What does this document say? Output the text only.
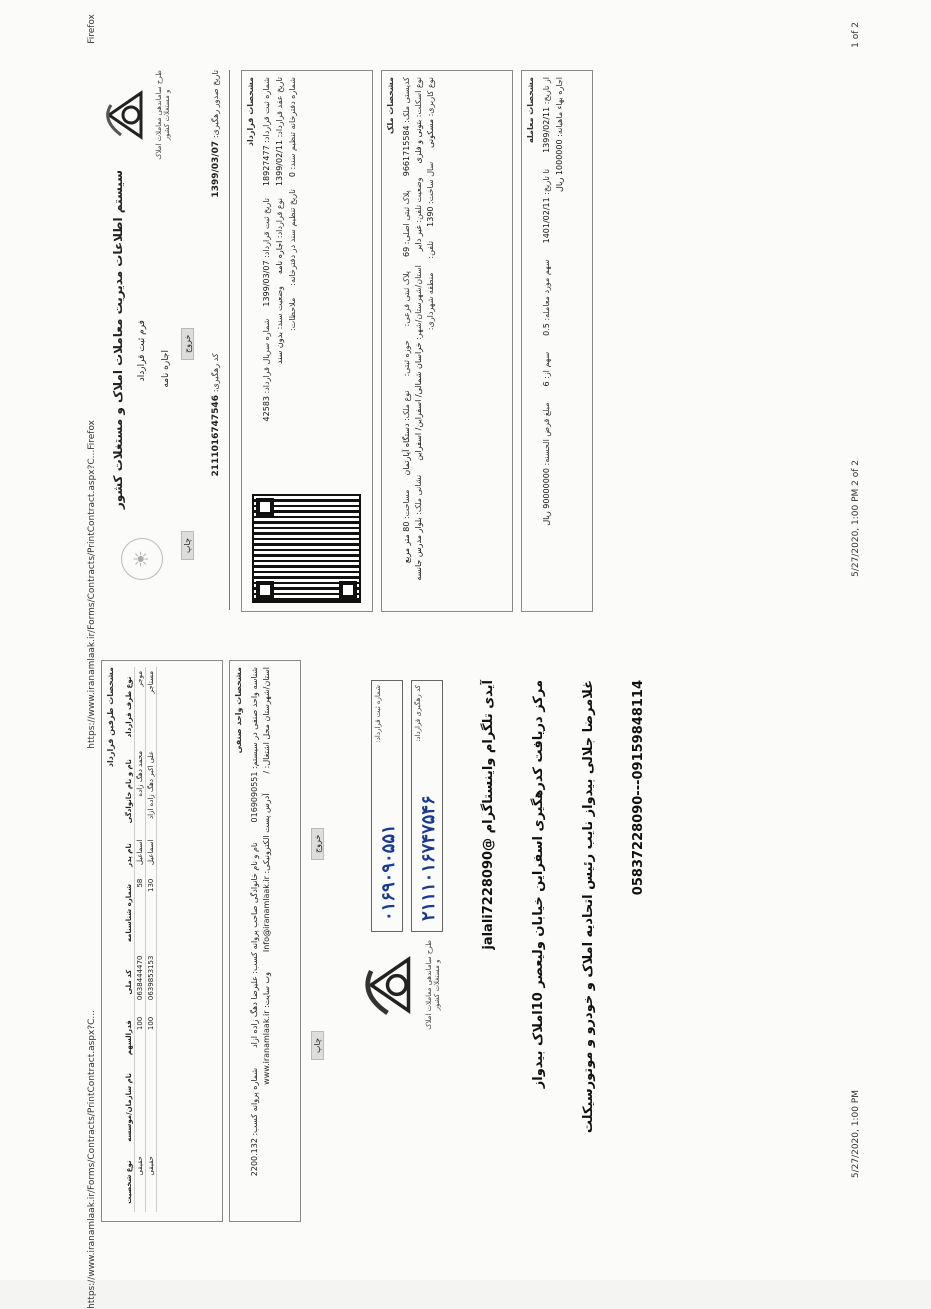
Firefox
https://www.iranamlaak.ir/Forms/Contracts/PrintContract.aspx?C...Firefox
1 of 2
5/27/2020, 1:00 PM 2 of 2
5/27/2020, 1:00 PM
https://www.iranamlaak.ir/Forms/Contracts/PrintContract.aspx?C...
طرح ساماندهی معاملات املاک و مستغلات کشور
سیستم اطلاعات مدیریت معاملات املاک و مستغلات کشور فرم ثبت قرارداد اجاره نامه
☀
چاپ
خروج
تاریخ صدور رهگیری: 1399/03/07  کد رهگیری: 2111016747546
مشخصات قرارداد شماره ثبت قرارداد: 18927477
تاریخ ثبت قرارداد: 1399/03/07
شماره سریال قرارداد: 42583
تاریخ عقد قرارداد: 1399/02/11
نوع قرارداد: اجاره نامه
وضعیت سند: بدون سند
شماره دفترخانه تنظیم سند: 0
تاریخ تنظیم سند در دفترخانه:
ملاحظات:
مشخصات ملک کدپستی ملک: 9661715584
پلاک ثبتی اصلی: 69
پلاک ثبتی فرعی:
حوزه ثبتی:
نوع ملک: دستگاه آپارتمان
مساحت: 80 متر مربع
نوع اسکلت: بتونی و فلزی
وضعیت تلفن: غیر دایر
استان/شهرستان/شهر: خراسان شمالی/ اسفراین/ اسفراین
نشانی ملک: بلوار مدرس جانسه
نوع کاربری: مسکونی
سال ساخت: 1390
تلفن:
منطقه شهرداری:
مشخصات معامله از تاریخ: 1399/02/11
تا تاریخ: 1401/02/11
سهم مورد معامله: 0.5
سهم از: 6
مبلغ قرض الحسنه: 90000000 ریال
اجاره بهاء ماهیانه: 1000000 ریال
مشخصات طرفین قرارداد نوع طرف قرارداد	نام و نام خانوادگی	نام پدر	شماره شناسنامه	کد ملی	قدرالسهم	نام سازمان/موسسه	نوع شخصیت
موجر	محمد دهگ زاده	اسماعیل	58	0638444470	100		حقیقی
مستاجر	علی اکبر دهگ زاده ازاد	اسماعیل	130	0639853153	100		حقیقی
مشخصات واحد صنفی
شناسه واحد صنفی در سیستم: 0169090551
نام و نام خانوادگی صاحب پروانه کسب: علیرضا دهگ زاده ازاد
شماره پروانه کسب: 2200.132
استان/شهرستان محل اشتغال: /
آدرس پست الکترونیکی: Info@iranamlaak.ir
وب سایت: www.iranamlaak.ir
چاپ
خروج
طرح ساماندهی معاملات املاک و مستغلات کشور
شماره ثبت قرارداد:
۰۱۶۹۰۹۰۵۵۱
کد رهگیری قرارداد:
۲۱۱۱۰۱۶۷۴۷۵۴۶	آیدی تلگرام واینستاگرام @jalali7228090
مرکز دریافت کدرهگیری اسفراین خیابان ولیعصر 10املاک بیدواز	غلامرضا جلالی بیدواز نایب رئیس اتحادیه املاک و خودرو و موتورسیکلت	05837228090---09159848114
